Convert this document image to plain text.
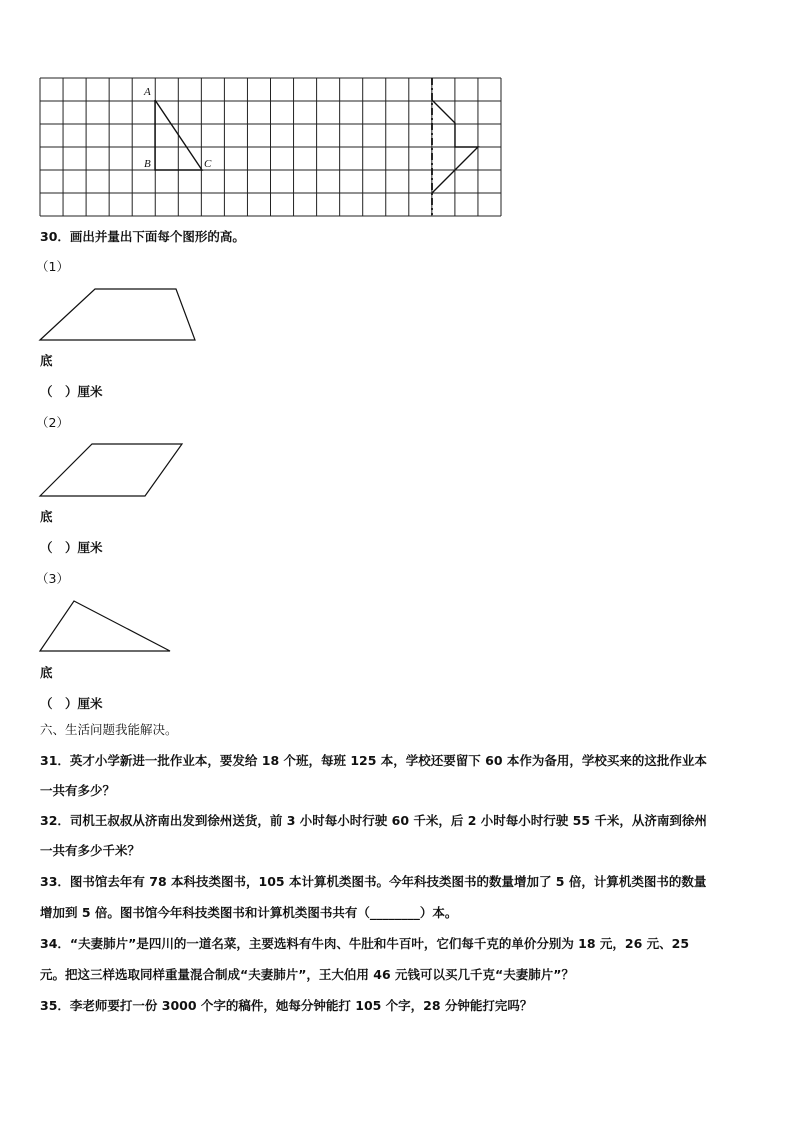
A
B	C
30．画出并量出下面每个图形的高。
（1）
底
（　）厘米
（2）
底
（　）厘米
（3）
底
（　）厘米
六、生活问题我能解决。
31．英才小学新进一批作业本，要发给 18 个班，每班 125 本，学校还要留下 60 本作为备用，学校买来的这批作业本
一共有多少？
32．司机王叔叔从济南出发到徐州送货，前 3 小时每小时行驶 60 千米，后 2 小时每小时行驶 55 千米，从济南到徐州
一共有多少千米？
33．图书馆去年有 78 本科技类图书，105 本计算机类图书。今年科技类图书的数量增加了 5 倍，计算机类图书的数量
增加到 5 倍。图书馆今年科技类图书和计算机类图书共有（________）本。
34．“夫妻肺片”是四川的一道名菜，主要选料有牛肉、牛肚和牛百叶，它们每千克的单价分别为 18 元，26 元、25
元。把这三样选取同样重量混合制成“夫妻肺片”，王大伯用 46 元钱可以买几千克“夫妻肺片”？
35．李老师要打一份 3000 个字的稿件，她每分钟能打 105 个字，28 分钟能打完吗？
